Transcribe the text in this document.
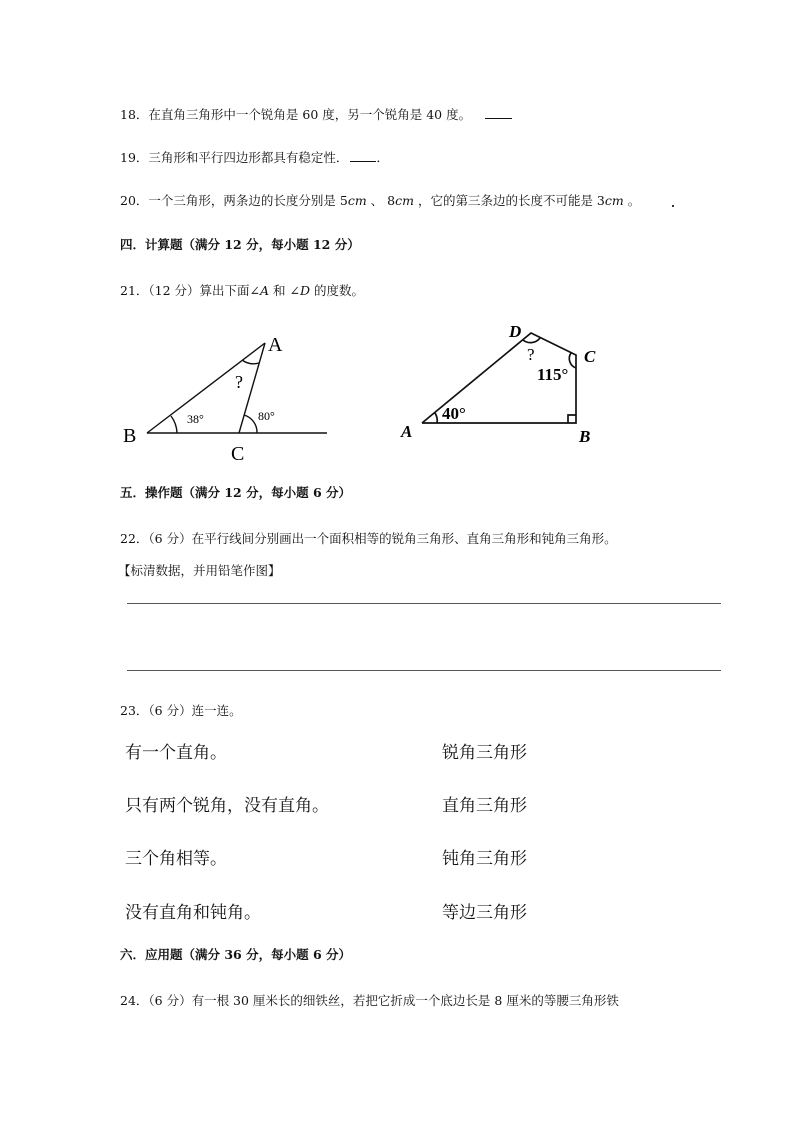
18．在直角三角形中一个锐角是 60 度，另一个锐角是 40 度。
19．三角形和平行四边形都具有稳定性． ．
20．一个三角形，两条边的长度分别是 5cm 、 8cm ，它的第三条边的长度不可能是 3cm 。
四．计算题（满分 12 分，每小题 12 分）
21．（12 分）算出下面∠A 和 ∠D 的度数。
A
B
C
?
38°	80°
A	B
C
D
?
40°
115°
五．操作题（满分 12 分，每小题 6 分）
22．（6 分）在平行线间分别画出一个面积相等的锐角三角形、直角三角形和钝角三角形。
【标清数据，并用铅笔作图】
23．（6 分）连一连。
有一个直角。
只有两个锐角，没有直角。
三个角相等。
没有直角和钝角。
锐角三角形
直角三角形
钝角三角形
等边三角形
六．应用题（满分 36 分，每小题 6 分）
24．（6 分）有一根 30 厘米长的细铁丝，若把它折成一个底边长是 8 厘米的等腰三角形铁
